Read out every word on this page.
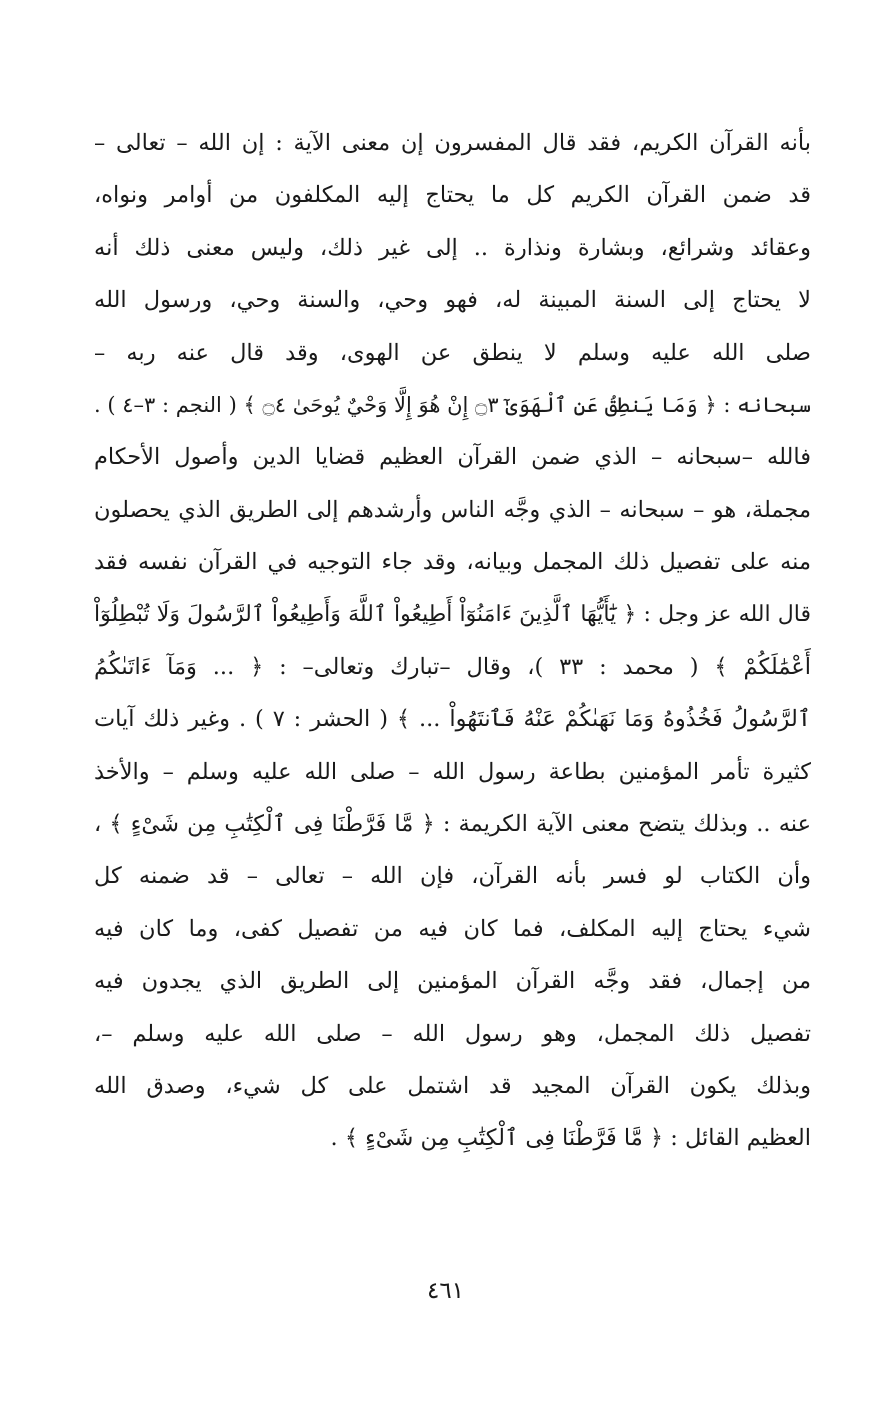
بأنه القرآن الكريم، فقد قال المفسرون إن معنى الآية : إن الله – تعالى –
قد ضمن القرآن الكريم كل ما يحتاج إليه المكلفون من أوامر ونواه،
وعقائد وشرائع، وبشارة ونذارة .. إلى غير ذلك، وليس معنى ذلك أنه
لا يحتاج إلى السنة المبينة له، فهو وحي، والسنة وحي، ورسول الله
صلى الله عليه وسلم لا ينطق عن الهوى، وقد قال عنه ربه –
سبحانه : ﴿ وَمَا يَنطِقُ عَنِ ٱلْهَوَىٰٓ ۝٣ إِنْ هُوَ إِلَّا وَحْيٌ يُوحَىٰ ۝٤ ﴾ ( النجم : ٣–٤ ) .
فالله –سبحانه – الذي ضمن القرآن العظيم قضايا الدين وأصول الأحكام
مجملة، هو – سبحانه – الذي وجَّه الناس وأرشدهم إلى الطريق الذي يحصلون
منه على تفصيل ذلك المجمل وبيانه، وقد جاء التوجيه في القرآن نفسه فقد
قال الله عز وجل : ﴿ يَٰٓأَيُّهَا ٱلَّذِينَ ءَامَنُوٓاْ أَطِيعُواْ ٱللَّهَ وَأَطِيعُواْ ٱلرَّسُولَ وَلَا تُبْطِلُوٓاْ
أَعْمَٰلَكُمْ ﴾ ( محمد : ٣٣ )، وقال –تبارك وتعالى– : ﴿ ... وَمَآ ءَاتَىٰكُمُ
ٱلرَّسُولُ فَخُذُوهُ وَمَا نَهَىٰكُمْ عَنْهُ فَٱنتَهُواْ ... ﴾ ( الحشر : ٧ ) . وغير ذلك آيات
كثيرة تأمر المؤمنين بطاعة رسول الله – صلى الله عليه وسلم – والأخذ
عنه .. وبذلك يتضح معنى الآية الكريمة : ﴿ مَّا فَرَّطْنَا فِى ٱلْكِتَٰبِ مِن شَىْءٍ ﴾ ،
وأن الكتاب لو فسر بأنه القرآن، فإن الله – تعالى – قد ضمنه كل
شيء يحتاج إليه المكلف، فما كان فيه من تفصيل كفى، وما كان فيه
من إجمال، فقد وجَّه القرآن المؤمنين إلى الطريق الذي يجدون فيه
تفصيل ذلك المجمل، وهو رسول الله – صلى الله عليه وسلم –،
وبذلك يكون القرآن المجيد قد اشتمل على كل شيء، وصدق الله
العظيم القائل : ﴿ مَّا فَرَّطْنَا فِى ٱلْكِتَٰبِ مِن شَىْءٍ ﴾ .
٤٦١
